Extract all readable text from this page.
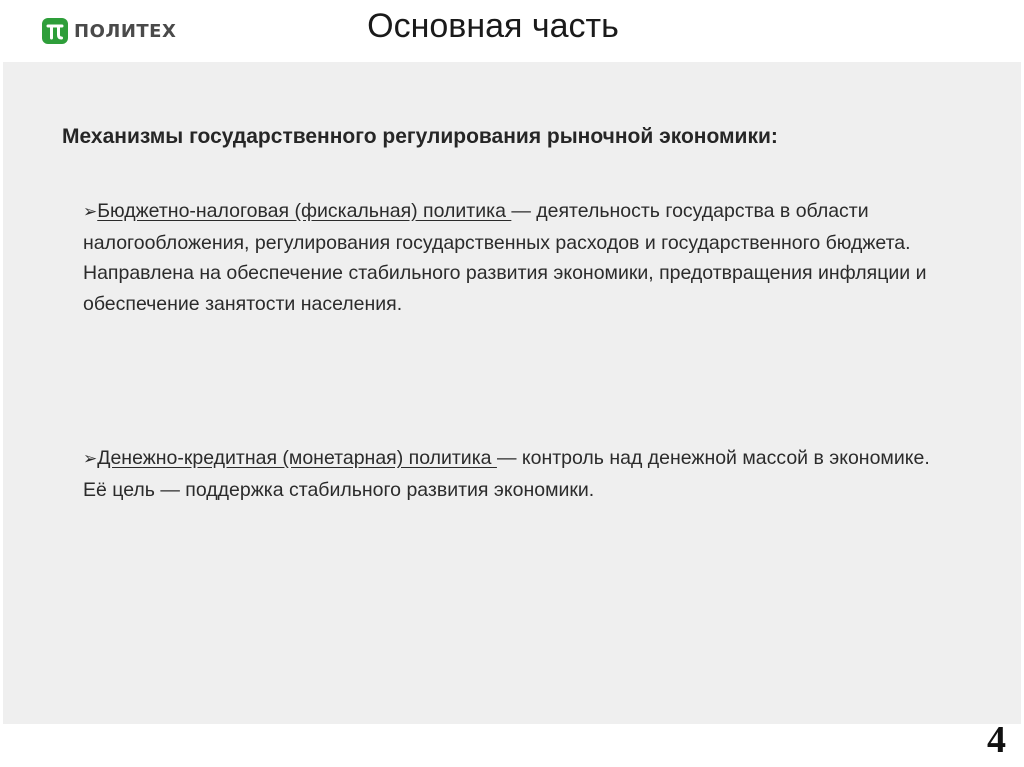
ПОЛИТЕХ	Основная часть
Механизмы государственного регулирования рыночной экономики:
➢Бюджетно-налоговая (фискальная) политика — деятельность государства в области налогообложения, регулирования государственных расходов и государственного бюджета. Направлена на обеспечение стабильного развития экономики, предотвращения инфляции и обеспечение занятости населения.
➢Денежно-кредитная (монетарная) политика — контроль над денежной массой в экономике. Её цель — поддержка стабильного развития экономики.
4
